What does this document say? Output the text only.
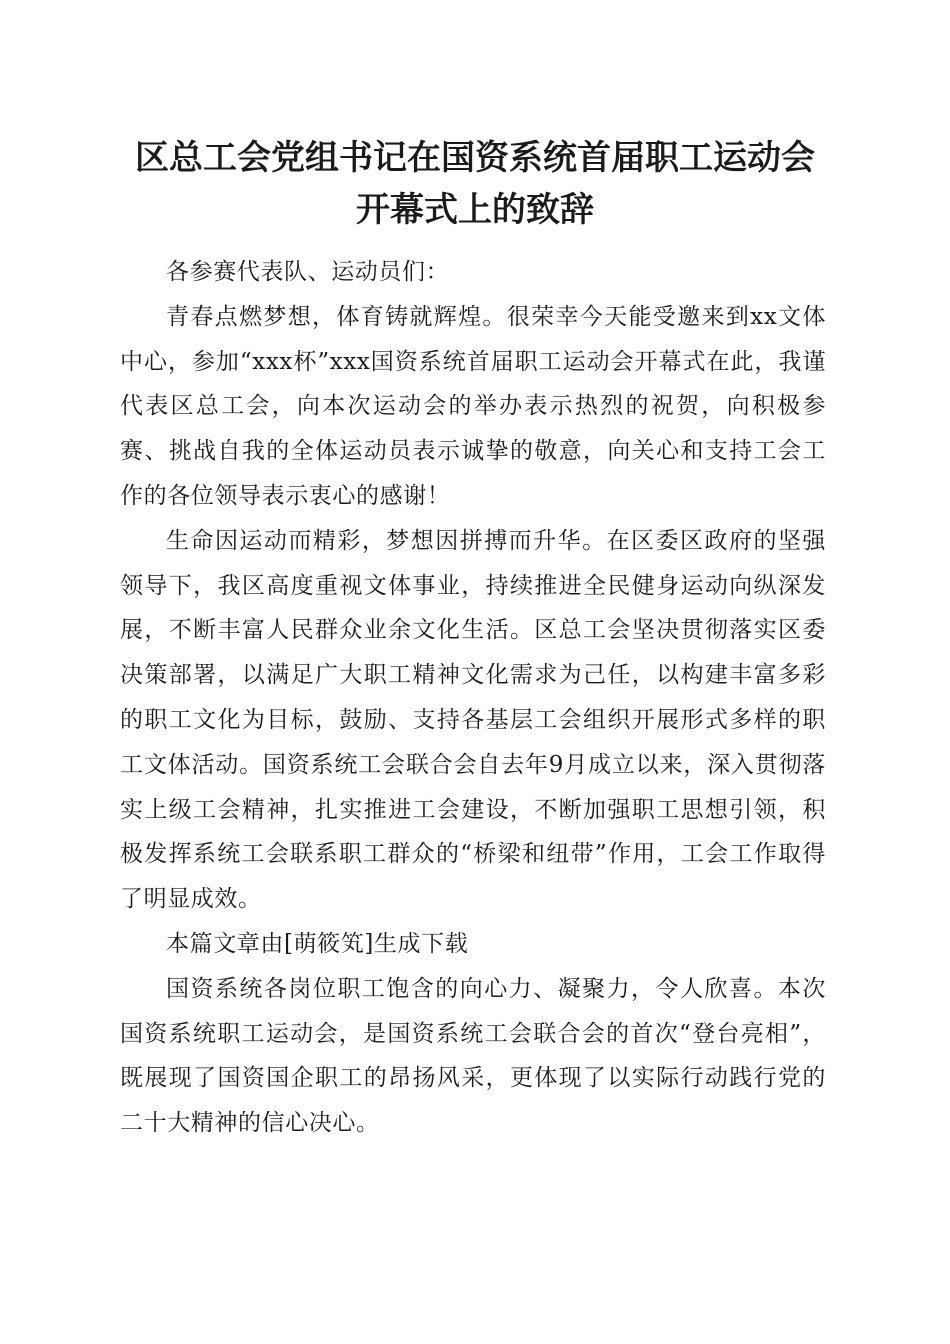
区总工会党组书记在国资系统首届职工运动会
开幕式上的致辞

各参赛代表队、运动员们：

青春点燃梦想，体育铸就辉煌。很荣幸今天能受邀来到xx文体中心，参加“xxx杯”xxx国资系统首届职工运动会开幕式在此，我谨代表区总工会，向本次运动会的举办表示热烈的祝贺，向积极参赛、挑战自我的全体运动员表示诚挚的敬意，向关心和支持工会工作的各位领导表示衷心的感谢！

生命因运动而精彩，梦想因拼搏而升华。在区委区政府的坚强领导下，我区高度重视文体事业，持续推进全民健身运动向纵深发展，不断丰富人民群众业余文化生活。区总工会坚决贯彻落实区委决策部署，以满足广大职工精神文化需求为己任，以构建丰富多彩的职工文化为目标，鼓励、支持各基层工会组织开展形式多样的职工文体活动。国资系统工会联合会自去年9月成立以来，深入贯彻落实上级工会精神，扎实推进工会建设，不断加强职工思想引领，积极发挥系统工会联系职工群众的“桥梁和纽带”作用，工会工作取得了明显成效。

本篇文章由[萌筱笂]生成下载

国资系统各岗位职工饱含的向心力、凝聚力，令人欣喜。本次国资系统职工运动会，是国资系统工会联合会的首次“登台亮相”，既展现了国资国企职工的昂扬风采，更体现了以实际行动践行党的二十大精神的信心决心。
